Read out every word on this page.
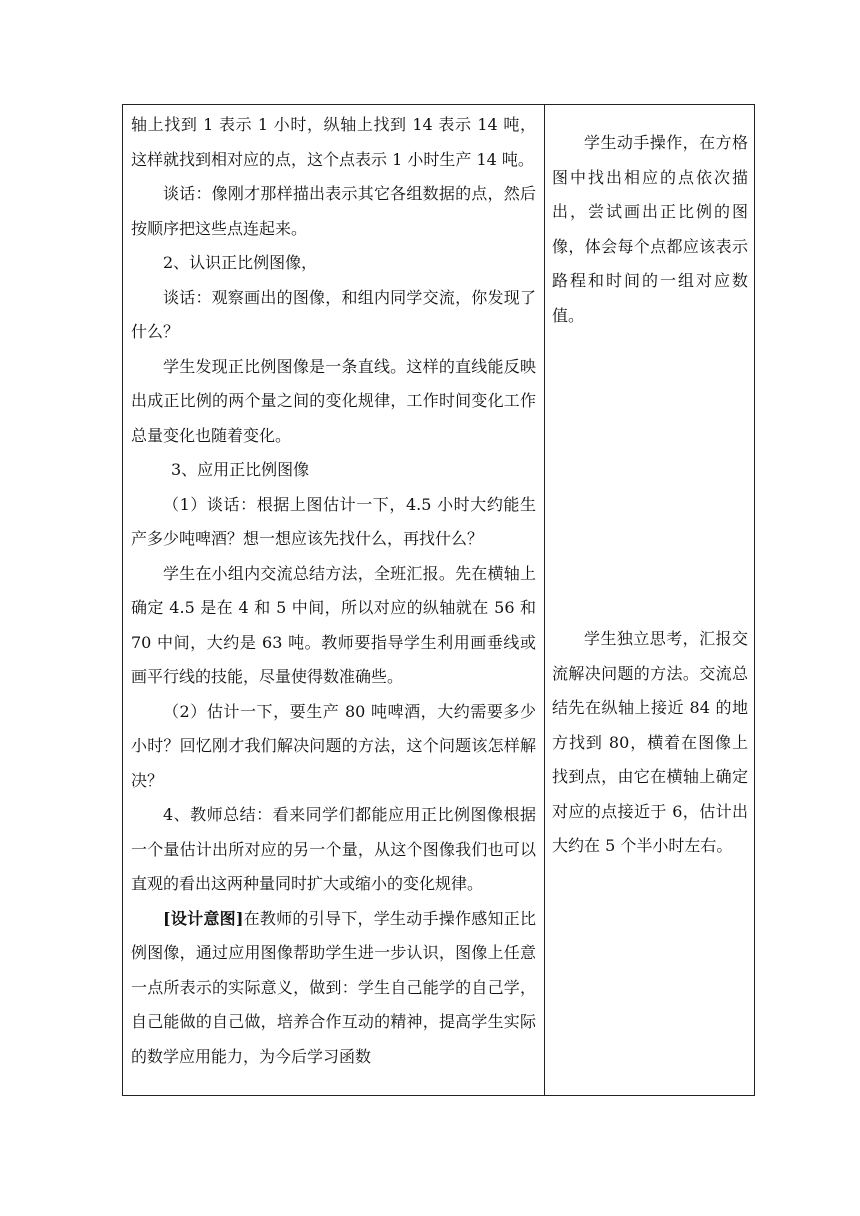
轴上找到 1 表示 1 小时，纵轴上找到 14 表示 14 吨，这样就找到相对应的点，这个点表示 1 小时生产 14 吨。

谈话：像刚才那样描出表示其它各组数据的点，然后按顺序把这些点连起来。

2、认识正比例图像，

谈话：观察画出的图像，和组内同学交流，你发现了什么？

学生发现正比例图像是一条直线。这样的直线能反映出成正比例的两个量之间的变化规律，工作时间变化工作总量变化也随着变化。

3、应用正比例图像

（1）谈话：根据上图估计一下，4.5 小时大约能生产多少吨啤酒？想一想应该先找什么，再找什么？

学生在小组内交流总结方法，全班汇报。先在横轴上确定 4.5 是在 4 和 5 中间，所以对应的纵轴就在 56 和 70 中间，大约是 63 吨。教师要指导学生利用画垂线或画平行线的技能，尽量使得数准确些。

（2）估计一下，要生产 80 吨啤酒，大约需要多少小时？回忆刚才我们解决问题的方法，这个问题该怎样解决？

4、教师总结：看来同学们都能应用正比例图像根据一个量估计出所对应的另一个量，从这个图像我们也可以直观的看出这两种量同时扩大或缩小的变化规律。

[设计意图]在教师的引导下，学生动手操作感知正比例图像，通过应用图像帮助学生进一步认识，图像上任意一点所表示的实际意义，做到：学生自己能学的自己学，自己能做的自己做，培养合作互动的精神，提高学生实际的数学应用能力，为今后学习函数

学生动手操作，在方格图中找出相应的点依次描出，尝试画出正比例的图像，体会每个点都应该表示路程和时间的一组对应数值。

学生独立思考，汇报交流解决问题的方法。交流总结先在纵轴上接近 84 的地方找到 80，横着在图像上找到点，由它在横轴上确定对应的点接近于 6，估计出大约在 5 个半小时左右。
